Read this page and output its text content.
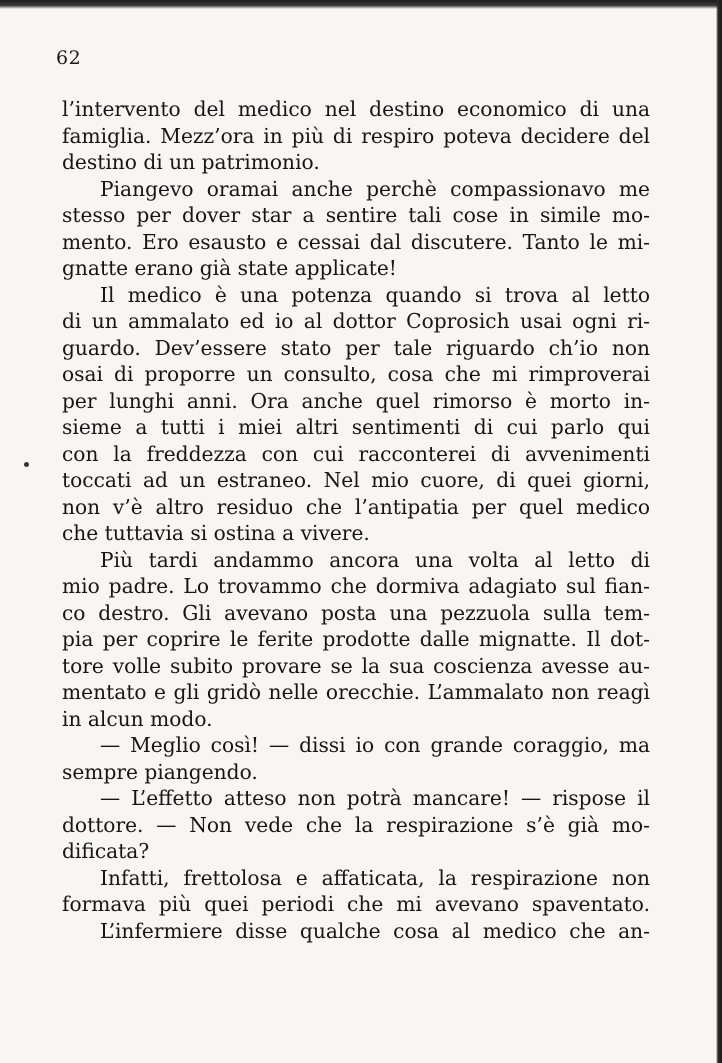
62
l’intervento del medico nel destino economico di una
famiglia. Mezz’ora in più di respiro poteva decidere del
destino di un patrimonio.
Piangevo oramai anche perchè compassionavo me
stesso per dover star a sentire tali cose in simile mo-
mento. Ero esausto e cessai dal discutere. Tanto le mi-
gnatte erano già state applicate!
Il medico è una potenza quando si trova al letto
di un ammalato ed io al dottor Coprosich usai ogni ri-
guardo. Dev’essere stato per tale riguardo ch’io non
osai di proporre un consulto, cosa che mi rimproverai
per lunghi anni. Ora anche quel rimorso è morto in-
sieme a tutti i miei altri sentimenti di cui parlo qui
con la freddezza con cui racconterei di avvenimenti
toccati ad un estraneo. Nel mio cuore, di quei giorni,
non v’è altro residuo che l’antipatia per quel medico
che tuttavia si ostina a vivere.
Più tardi andammo ancora una volta al letto di
mio padre. Lo trovammo che dormiva adagiato sul fian-
co destro. Gli avevano posta una pezzuola sulla tem-
pia per coprire le ferite prodotte dalle mignatte. Il dot-
tore volle subito provare se la sua coscienza avesse au-
mentato e gli gridò nelle orecchie. L’ammalato non reagì
in alcun modo.
— Meglio così! — dissi io con grande coraggio, ma
sempre piangendo.
— L’effetto atteso non potrà mancare! — rispose il
dottore. — Non vede che la respirazione s’è già mo-
dificata?
Infatti, frettolosa e affaticata, la respirazione non
formava più quei periodi che mi avevano spaventato.
L’infermiere disse qualche cosa al medico che an-
